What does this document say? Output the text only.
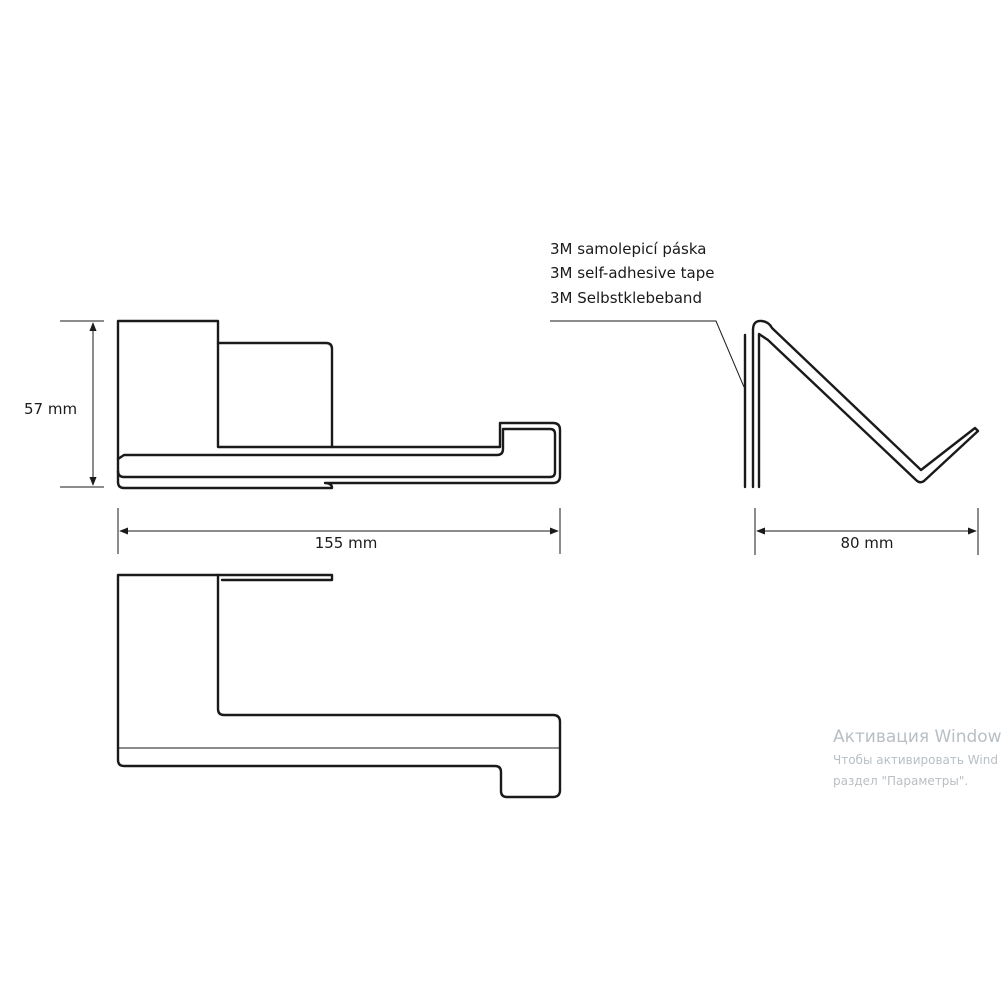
57 mm
155 mm
3M samolepicí páska
3M self-adhesive tape
3M Selbstklebeband
80 mm
Активация Window
Чтобы активировать Wind
раздел "Параметры".
